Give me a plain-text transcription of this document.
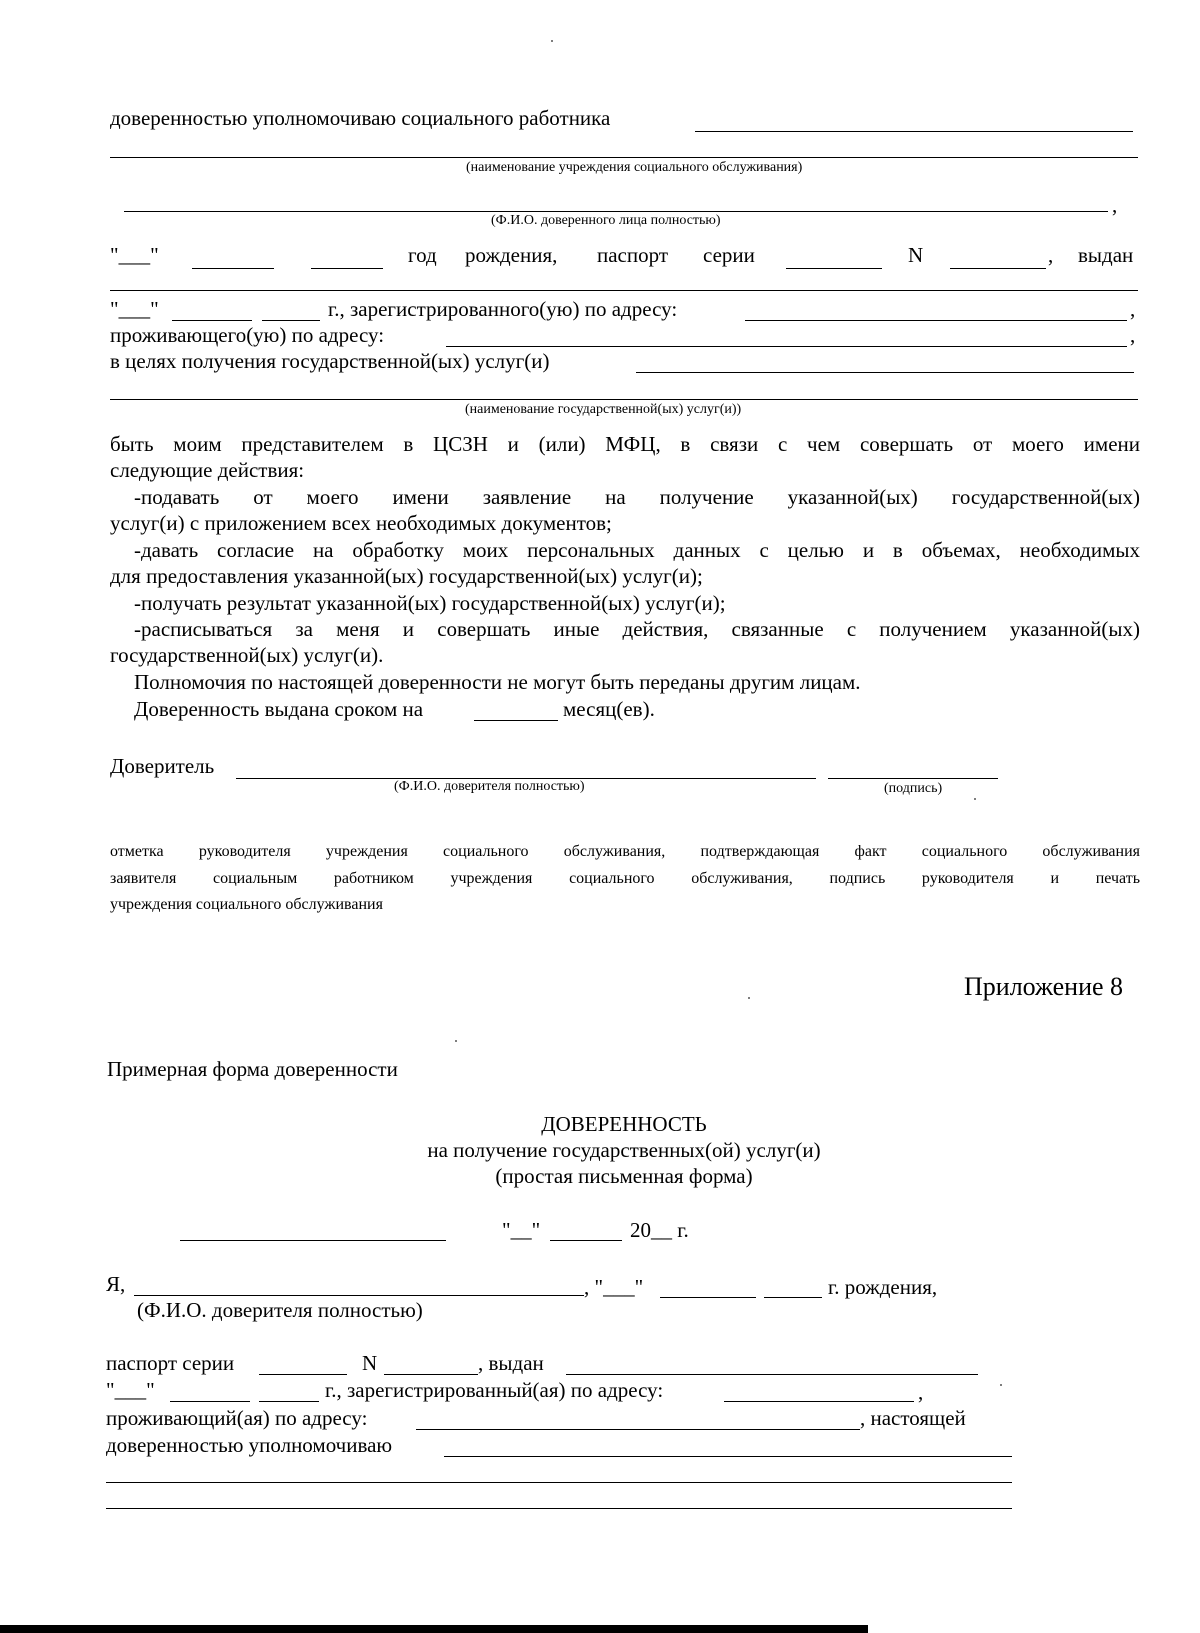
доверенностью уполномочиваю социального работника
(наименование учреждения социального обслуживания)
,
(Ф.И.О. доверенного лица полностью)
"___"	год рождения, паспорт серии	N	, выдан
"___"	г., зарегистрированного(ую) по адресу:	,
проживающего(ую) по адресу:	,
в целях получения государственной(ых) услуг(и)
(наименование государственной(ых) услуг(и))
быть моим представителем в ЦСЗН и (или) МФЦ, в связи с чем совершать от моего имени
следующие действия:
-подавать от моего имени заявление на получение указанной(ых) государственной(ых)
услуг(и) с приложением всех необходимых документов;
-давать согласие на обработку моих персональных данных с целью и в объемах, необходимых
для предоставления указанной(ых) государственной(ых) услуг(и);
-получать результат указанной(ых) государственной(ых) услуг(и);
-расписываться за меня и совершать иные действия, связанные с получением указанной(ых)
государственной(ых) услуг(и).
Полномочия по настоящей доверенности не могут быть переданы другим лицам.
Доверенность выдана сроком на	месяц(ев).
Доверитель
(Ф.И.О. доверителя полностью)	(подпись)
отметка руководителя учреждения социального обслуживания, подтверждающая факт социального обслуживания
заявителя социальным работником учреждения социального обслуживания, подпись руководителя и печать
учреждения социального обслуживания
Приложение 8
Примерная форма доверенности
ДОВЕРЕННОСТЬ
на получение государственных(ой) услуг(и)
(простая письменная форма)
"__"	20__ г.
Я,	, "___"	г. рождения,
(Ф.И.О. доверителя полностью)
паспорт серии	N	, выдан
"___"	г., зарегистрированный(ая) по адресу:	,
проживающий(ая) по адресу:	, настоящей
доверенностью уполномочиваю
